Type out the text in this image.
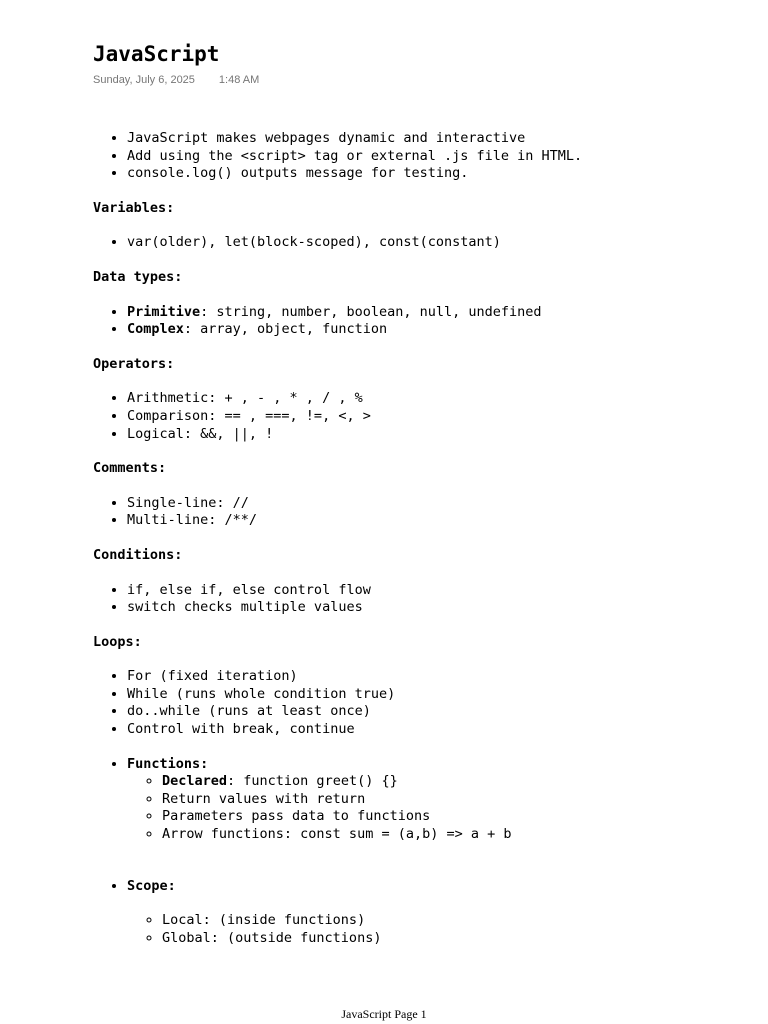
JavaScript
Sunday, July 6, 2025 1:48 AM
• JavaScript makes webpages dynamic and interactive
• Add using the <script> tag or external .js file in HTML.
• console.log() outputs message for testing.

Variables:

• var(older), let(block-scoped), const(constant)

Data types:

• Primitive: string, number, boolean, null, undefined
• Complex: array, object, function

Operators:

• Arithmetic: + , - , * , / , %
• Comparison: == , ===, !=, <, >
• Logical: &&, ||, !

Comments:

• Single-line: //
• Multi-line: /**/

Conditions:

• if, else if, else control flow
• switch checks multiple values

Loops:

• For (fixed iteration)
• While (runs whole condition true)
• do..while (runs at least once)
• Control with break, continue
• Functions:
◦ Declared: function greet() {}
◦ Return values with return
◦ Parameters pass data to functions
◦ Arrow functions: const sum = (a,b) => a + b
• Scope:
◦ Local: (inside functions)
◦ Global: (outside functions)
JavaScript Page 1
